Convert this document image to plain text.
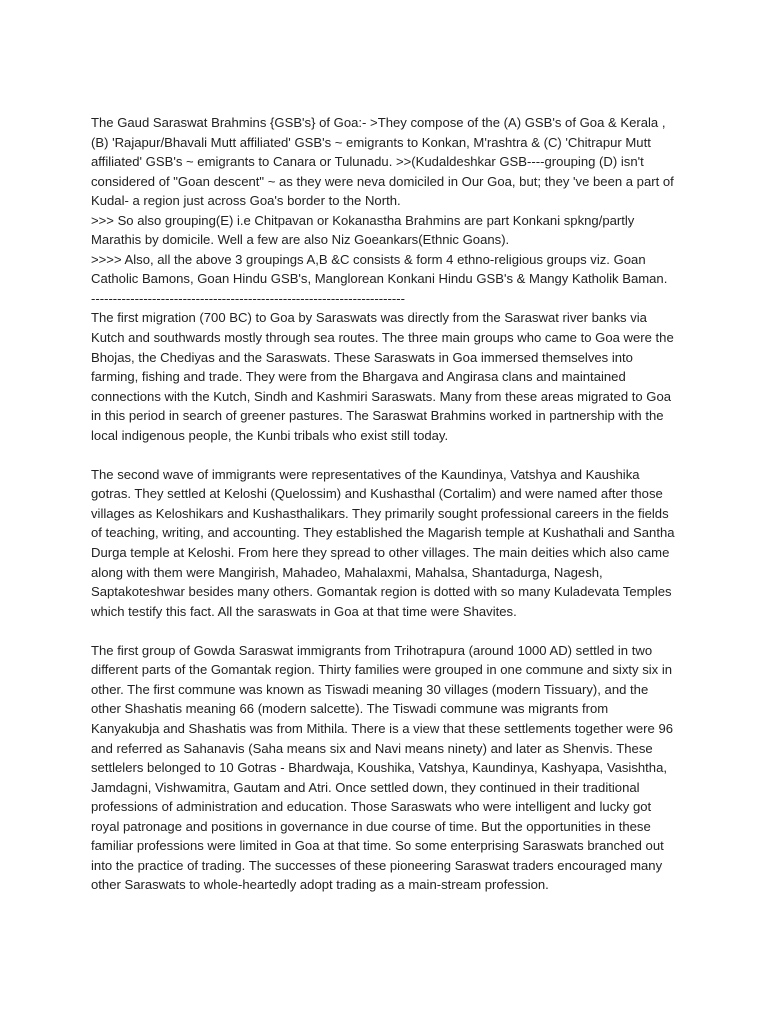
The Gaud Saraswat Brahmins {GSB's} of Goa:- >They compose of the (A) GSB's of Goa & Kerala ,
(B) 'Rajapur/Bhavali Mutt affiliated' GSB's ~ emigrants to Konkan, M'rashtra & (C) 'Chitrapur Mutt
affiliated' GSB's ~ emigrants to Canara or Tulunadu. >>(Kudaldeshkar GSB----grouping (D) isn't
considered of "Goan descent" ~ as they were neva domiciled in Our Goa, but; they 've been a part of
Kudal- a region just across Goa's border to the North.
>>> So also grouping(E) i.e Chitpavan or Kokanastha Brahmins are part Konkani spkng/partly
Marathis by domicile. Well a few are also Niz Goeankars(Ethnic Goans).
>>>> Also, all the above 3 groupings A,B &C consists & form 4 ethno-religious groups viz. Goan
Catholic Bamons, Goan Hindu GSB's, Manglorean Konkani Hindu GSB's & Mangy Katholik Baman.
------------------------------------------------------------------------
The first migration (700 BC) to Goa by Saraswats was directly from the Saraswat river banks via
Kutch and southwards mostly through sea routes. The three main groups who came to Goa were the
Bhojas, the Chediyas and the Saraswats. These Saraswats in Goa immersed themselves into
farming, fishing and trade. They were from the Bhargava and Angirasa clans and maintained
connections with the Kutch, Sindh and Kashmiri Saraswats. Many from these areas migrated to Goa
in this period in search of greener pastures. The Saraswat Brahmins worked in partnership with the
local indigenous people, the Kunbi tribals who exist still today.
The second wave of immigrants were representatives of the Kaundinya, Vatshya and Kaushika
gotras. They settled at Keloshi (Quelossim) and Kushasthal (Cortalim) and were named after those
villages as Keloshikars and Kushasthalikars. They primarily sought professional careers in the fields
of teaching, writing, and accounting. They established the Magarish temple at Kushathali and Santha
Durga temple at Keloshi. From here they spread to other villages. The main deities which also came
along with them were Mangirish, Mahadeo, Mahalaxmi, Mahalsa, Shantadurga, Nagesh,
Saptakoteshwar besides many others. Gomantak region is dotted with so many Kuladevata Temples
which testify this fact. All the saraswats in Goa at that time were Shavites.
The first group of Gowda Saraswat immigrants from Trihotrapura (around 1000 AD) settled in two
different parts of the Gomantak region. Thirty families were grouped in one commune and sixty six in
other. The first commune was known as Tiswadi meaning 30 villages (modern Tissuary), and the
other Shashatis meaning 66 (modern salcette). The Tiswadi commune was migrants from
Kanyakubja and Shashatis was from Mithila. There is a view that these settlements together were 96
and referred as Sahanavis (Saha means six and Navi means ninety) and later as Shenvis. These
settlelers belonged to 10 Gotras - Bhardwaja, Koushika, Vatshya, Kaundinya, Kashyapa, Vasishtha,
Jamdagni, Vishwamitra, Gautam and Atri. Once settled down, they continued in their traditional
professions of administration and education. Those Saraswats who were intelligent and lucky got
royal patronage and positions in governance in due course of time. But the opportunities in these
familiar professions were limited in Goa at that time. So some enterprising Saraswats branched out
into the practice of trading. The successes of these pioneering Saraswat traders encouraged many
other Saraswats to whole-heartedly adopt trading as a main-stream profession.
